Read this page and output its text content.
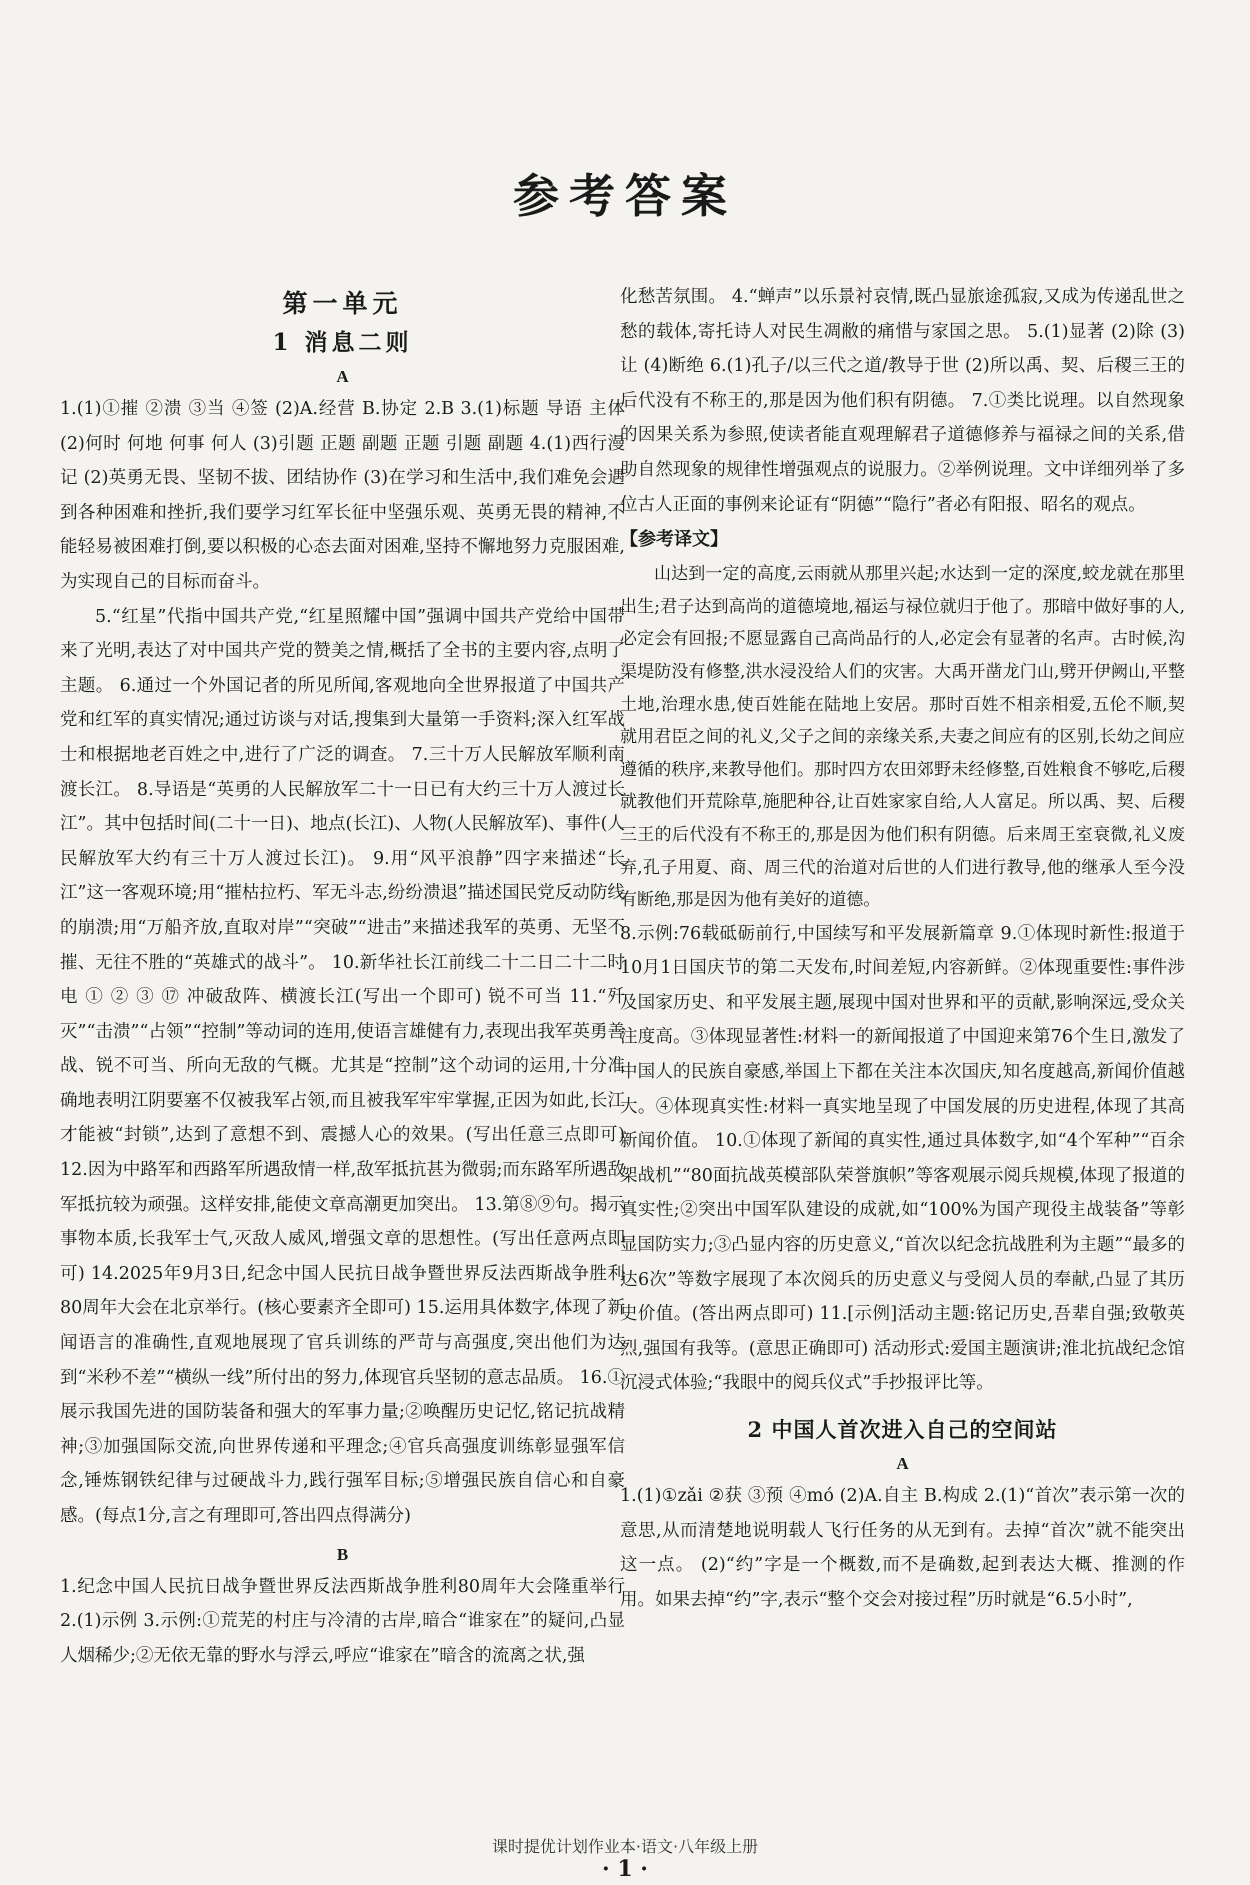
参考答案

第一单元

1 消息二则

A

1.(1)①摧 ②溃 ③当 ④签 (2)A.经营 B.协定 2.B 3.(1)标题 导语 主体 (2)何时 何地 何事 何人 (3)引题 正题 副题 正题 引题 副题 4.(1)西行漫记 (2)英勇无畏、坚韧不拔、团结协作 (3)在学习和生活中,我们难免会遇到各种困难和挫折,我们要学习红军长征中坚强乐观、英勇无畏的精神,不能轻易被困难打倒,要以积极的心态去面对困难,坚持不懈地努力克服困难,为实现自己的目标而奋斗。

5.“红星”代指中国共产党,“红星照耀中国”强调中国共产党给中国带来了光明,表达了对中国共产党的赞美之情,概括了全书的主要内容,点明了主题。 6.通过一个外国记者的所见所闻,客观地向全世界报道了中国共产党和红军的真实情况;通过访谈与对话,搜集到大量第一手资料;深入红军战士和根据地老百姓之中,进行了广泛的调查。 7.三十万人民解放军顺利南渡长江。 8.导语是“英勇的人民解放军二十一日已有大约三十万人渡过长江”。其中包括时间(二十一日)、地点(长江)、人物(人民解放军)、事件(人民解放军大约有三十万人渡过长江)。 9.用“风平浪静”四字来描述“长江”这一客观环境;用“摧枯拉朽、军无斗志,纷纷溃退”描述国民党反动防线的崩溃;用“万船齐放,直取对岸”“突破”“进击”来描述我军的英勇、无坚不摧、无往不胜的“英雄式的战斗”。 10.新华社长江前线二十二日二十二时电 ① ② ③ ⑰ 冲破敌阵、横渡长江(写出一个即可) 锐不可当 11.“歼灭”“击溃”“占领”“控制”等动词的连用,使语言雄健有力,表现出我军英勇善战、锐不可当、所向无敌的气概。尤其是“控制”这个动词的运用,十分准确地表明江阴要塞不仅被我军占领,而且被我军牢牢掌握,正因为如此,长江才能被“封锁”,达到了意想不到、震撼人心的效果。(写出任意三点即可) 12.因为中路军和西路军所遇敌情一样,敌军抵抗甚为微弱;而东路军所遇敌军抵抗较为顽强。这样安排,能使文章高潮更加突出。 13.第⑧⑨句。揭示事物本质,长我军士气,灭敌人威风,增强文章的思想性。(写出任意两点即可) 14.2025年9月3日,纪念中国人民抗日战争暨世界反法西斯战争胜利80周年大会在北京举行。(核心要素齐全即可) 15.运用具体数字,体现了新闻语言的准确性,直观地展现了官兵训练的严苛与高强度,突出他们为达到“米秒不差”“横纵一线”所付出的努力,体现官兵坚韧的意志品质。 16.①展示我国先进的国防装备和强大的军事力量;②唤醒历史记忆,铭记抗战精神;③加强国际交流,向世界传递和平理念;④官兵高强度训练彰显强军信念,锤炼钢铁纪律与过硬战斗力,践行强军目标;⑤增强民族自信心和自豪感。(每点1分,言之有理即可,答出四点得满分)

B

1.纪念中国人民抗日战争暨世界反法西斯战争胜利80周年大会隆重举行 2.(1)示例 3.示例:①荒芜的村庄与冷清的古岸,暗合“谁家在”的疑问,凸显人烟稀少;②无依无靠的野水与浮云,呼应“谁家在”暗含的流离之状,强

化愁苦氛围。 4.“蝉声”以乐景衬哀情,既凸显旅途孤寂,又成为传递乱世之愁的载体,寄托诗人对民生凋敝的痛惜与家国之思。 5.(1)显著 (2)除 (3)让 (4)断绝 6.(1)孔子/以三代之道/教导于世 (2)所以禹、契、后稷三王的后代没有不称王的,那是因为他们积有阴德。 7.①类比说理。以自然现象的因果关系为参照,使读者能直观理解君子道德修养与福禄之间的关系,借助自然现象的规律性增强观点的说服力。②举例说理。文中详细列举了多位古人正面的事例来论证有“阴德”“隐行”者必有阳报、昭名的观点。

【参考译文】

山达到一定的高度,云雨就从那里兴起;水达到一定的深度,蛟龙就在那里出生;君子达到高尚的道德境地,福运与禄位就归于他了。那暗中做好事的人,必定会有回报;不愿显露自己高尚品行的人,必定会有显著的名声。古时候,沟渠堤防没有修整,洪水浸没给人们的灾害。大禹开凿龙门山,劈开伊阙山,平整土地,治理水患,使百姓能在陆地上安居。那时百姓不相亲相爱,五伦不顺,契就用君臣之间的礼义,父子之间的亲缘关系,夫妻之间应有的区别,长幼之间应遵循的秩序,来教导他们。那时四方农田郊野未经修整,百姓粮食不够吃,后稷就教他们开荒除草,施肥种谷,让百姓家家自给,人人富足。所以禹、契、后稷三王的后代没有不称王的,那是因为他们积有阴德。后来周王室衰微,礼义废弃,孔子用夏、商、周三代的治道对后世的人们进行教导,他的继承人至今没有断绝,那是因为他有美好的道德。

8.示例:76载砥砺前行,中国续写和平发展新篇章 9.①体现时新性:报道于10月1日国庆节的第二天发布,时间差短,内容新鲜。②体现重要性:事件涉及国家历史、和平发展主题,展现中国对世界和平的贡献,影响深远,受众关注度高。③体现显著性:材料一的新闻报道了中国迎来第76个生日,激发了中国人的民族自豪感,举国上下都在关注本次国庆,知名度越高,新闻价值越大。④体现真实性:材料一真实地呈现了中国发展的历史进程,体现了其高新闻价值。 10.①体现了新闻的真实性,通过具体数字,如“4个军种”“百余架战机”“80面抗战英模部队荣誉旗帜”等客观展示阅兵规模,体现了报道的真实性;②突出中国军队建设的成就,如“100%为国产现役主战装备”等彰显国防实力;③凸显内容的历史意义,“首次以纪念抗战胜利为主题”“最多的达6次”等数字展现了本次阅兵的历史意义与受阅人员的奉献,凸显了其历史价值。(答出两点即可) 11.[示例]活动主题:铭记历史,吾辈自强;致敬英烈,强国有我等。(意思正确即可) 活动形式:爱国主题演讲;淮北抗战纪念馆沉浸式体验;“我眼中的阅兵仪式”手抄报评比等。

2 中国人首次进入自己的空间站

A

1.(1)①zǎi ②获 ③预 ④mó (2)A.自主 B.构成 2.(1)“首次”表示第一次的意思,从而清楚地说明载人飞行任务的从无到有。去掉“首次”就不能突出这一点。 (2)“约”字是一个概数,而不是确数,起到表达大概、推测的作用。如果去掉“约”字,表示“整个交会对接过程”历时就是“6.5小时”,

课时提优计划作业本·语文·八年级上册
· 1 ·
